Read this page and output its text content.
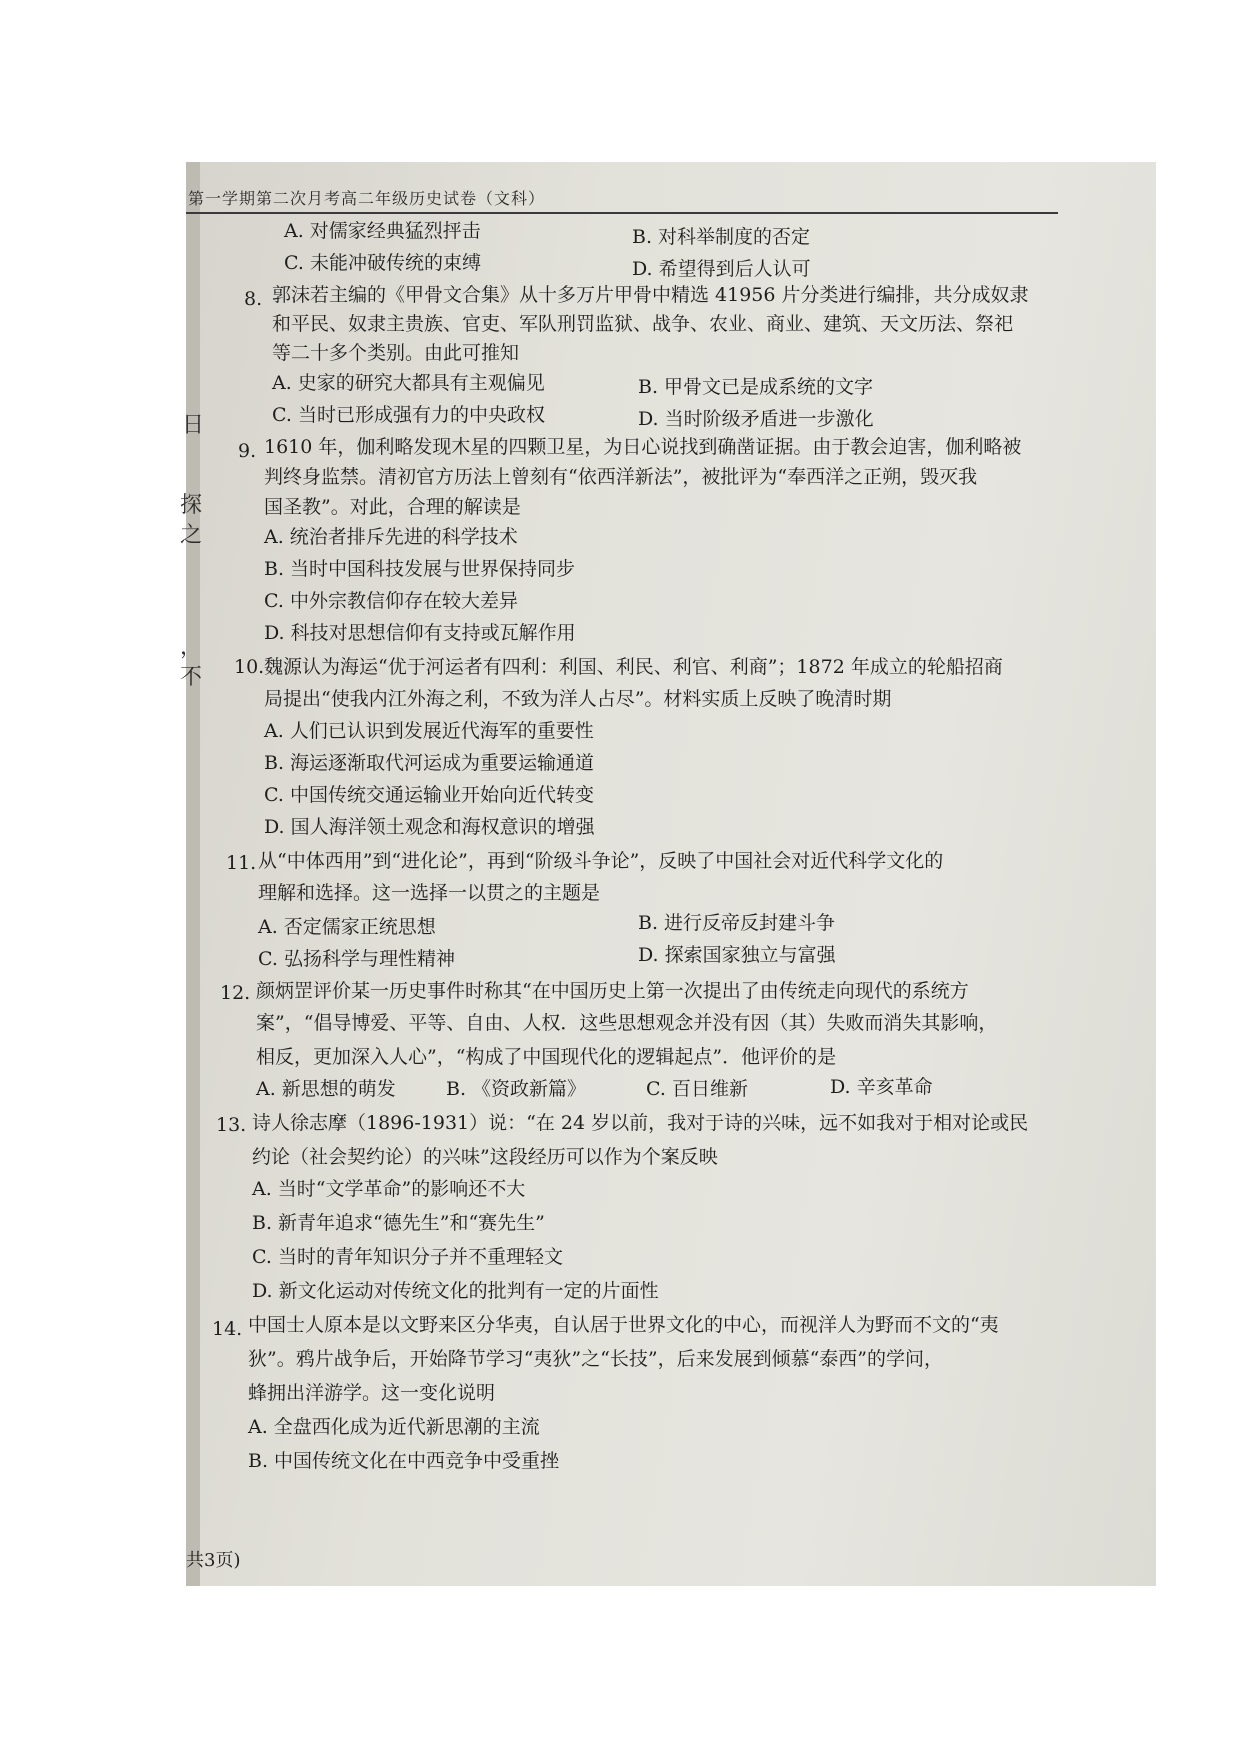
日
探
之
，
不
第一学期第二次月考高二年级历史试卷（文科）
A. 对儒家经典猛烈抨击	B. 对科举制度的否定
C. 未能冲破传统的束缚	D. 希望得到后人认可
8. 郭沫若主编的《甲骨文合集》从十多万片甲骨中精选 41956 片分类进行编排，共分成奴隶
和平民、奴隶主贵族、官吏、军队刑罚监狱、战争、农业、商业、建筑、天文历法、祭祀
等二十多个类别。由此可推知
A. 史家的研究大都具有主观偏见	B. 甲骨文已是成系统的文字
C. 当时已形成强有力的中央政权	D. 当时阶级矛盾进一步激化
9. 1610 年，伽利略发现木星的四颗卫星，为日心说找到确凿证据。由于教会迫害，伽利略被
判终身监禁。清初官方历法上曾刻有“依西洋新法”，被批评为“奉西洋之正朔，毁灭我
国圣教”。对此，合理的解读是
A. 统治者排斥先进的科学技术
B. 当时中国科技发展与世界保持同步
C. 中外宗教信仰存在较大差异
D. 科技对思想信仰有支持或瓦解作用
10. 魏源认为海运“优于河运者有四利：利国、利民、利官、利商”；1872 年成立的轮船招商
局提出“使我内江外海之利，不致为洋人占尽”。材料实质上反映了晚清时期
A. 人们已认识到发展近代海军的重要性
B. 海运逐渐取代河运成为重要运输通道
C. 中国传统交通运输业开始向近代转变
D. 国人海洋领土观念和海权意识的增强
11. 从“中体西用”到“进化论”，再到“阶级斗争论”，反映了中国社会对近代科学文化的
理解和选择。这一选择一以贯之的主题是
A. 否定儒家正统思想	B. 进行反帝反封建斗争
C. 弘扬科学与理性精神	D. 探索国家独立与富强
12. 颜炳罡评价某一历史事件时称其“在中国历史上第一次提出了由传统走向现代的系统方
案”，“倡导博爱、平等、自由、人权．这些思想观念并没有因（其）失败而消失其影响，
相反，更加深入人心”，“构成了中国现代化的逻辑起点”．他评价的是
A. 新思想的萌发	B. 《资政新篇》	C. 百日维新	D. 辛亥革命
13. 诗人徐志摩（1896-1931）说：“在 24 岁以前，我对于诗的兴味，远不如我对于相对论或民
约论（社会契约论）的兴味”这段经历可以作为个案反映
A. 当时“文学革命”的影响还不大
B. 新青年追求“德先生”和“赛先生”
C. 当时的青年知识分子并不重理轻文
D. 新文化运动对传统文化的批判有一定的片面性
14. 中国士人原本是以文野来区分华夷，自认居于世界文化的中心，而视洋人为野而不文的“夷
狄”。鸦片战争后，开始降节学习“夷狄”之“长技”，后来发展到倾慕“泰西”的学问，
蜂拥出洋游学。这一变化说明
A. 全盘西化成为近代新思潮的主流
B. 中国传统文化在中西竞争中受重挫
共3页)
